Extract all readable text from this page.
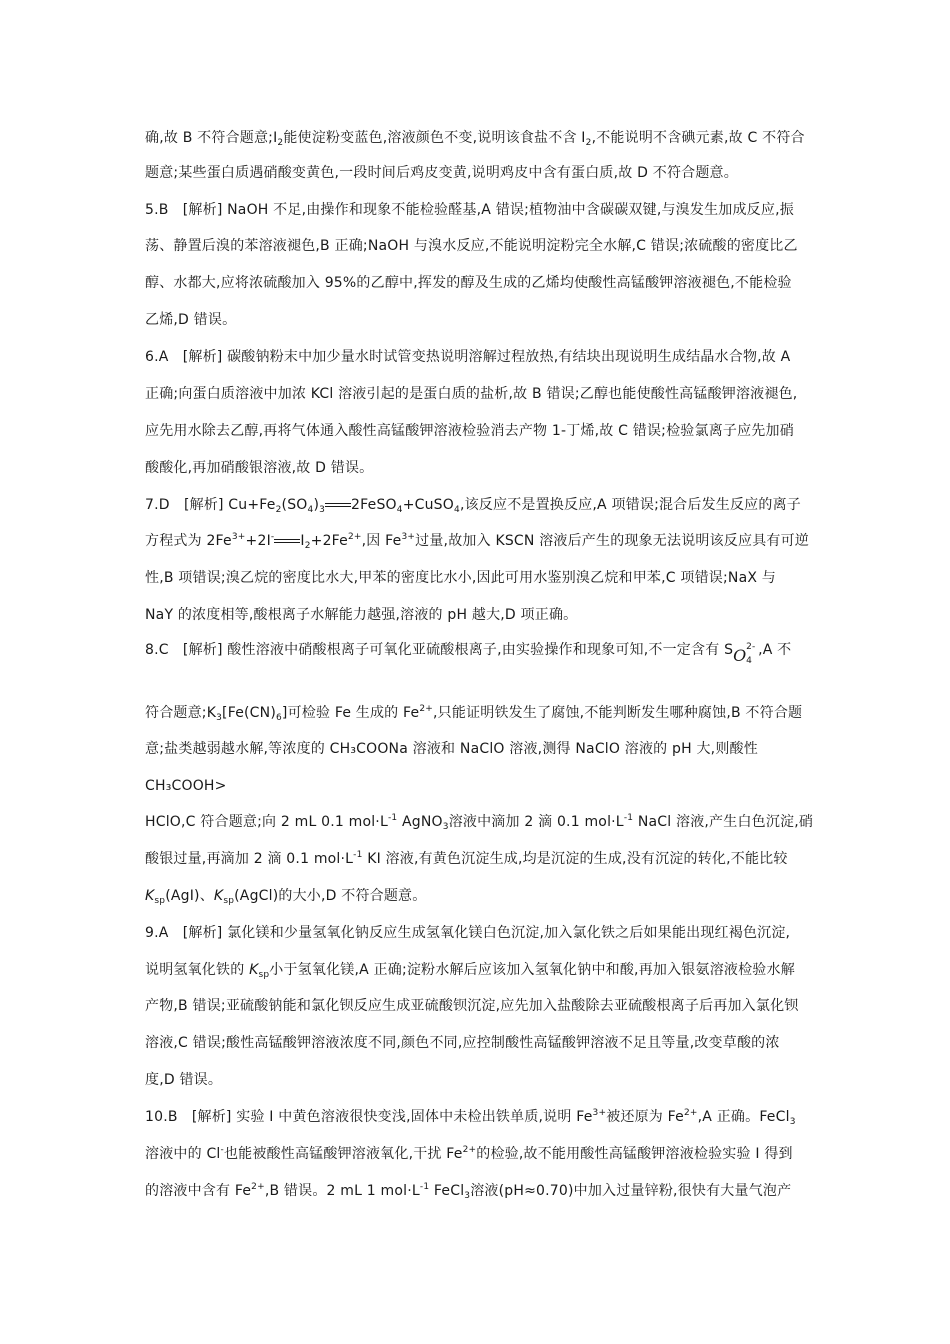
确,故 B 不符合题意$;I_2$能使淀粉变蓝色,溶液颜色不变,说明该食盐不含 $I_2$,不能说明不含碘元素,故 C 不符合
题意;某些蛋白质遇硝酸变黄色,一段时间后鸡皮变黄,说明鸡皮中含有蛋白质,故 D 不符合题意。
5.B　[解析] NaOH 不足,由操作和现象不能检验醛基,A 错误;植物油中含碳碳双键,与溴发生加成反应,振
荡、静置后溴的苯溶液褪色,B 正确;NaOH 与溴水反应,不能说明淀粉完全水解,C 错误;浓硫酸的密度比乙
醇、水都大,应将浓硫酸加入 95%的乙醇中,挥发的醇及生成的乙烯均使酸性高锰酸钾溶液褪色,不能检验
乙烯,D 错误。
6.A　[解析] 碳酸钠粉末中加少量水时试管变热说明溶解过程放热,有结块出现说明生成结晶水合物,故 A
正确;向蛋白质溶液中加浓 KCl 溶液引起的是蛋白质的盐析,故 B 错误;乙醇也能使酸性高锰酸钾溶液褪色,
应先用水除去乙醇,再将气体通入酸性高锰酸钾溶液检验消去产物 1-丁烯,故 C 错误;检验氯离子应先加硝
酸酸化,再加硝酸银溶液,故 D 错误。
7.D　[解析] $Cu+Fe_2(SO_4)_3$ 2FeSO$_4$+CuSO$_4$,该反应不是置换反应,A 项错误;混合后发生反应的离子
方程式为 $2Fe^{3+}+2I^-$ $I_2+2Fe^{2+}$,因 $Fe^{3+}$过量,故加入 KSCN 溶液后产生的现象无法说明该反应具有可逆
性,B 项错误;溴乙烷的密度比水大,甲苯的密度比水小,因此可用水鉴别溴乙烷和甲苯,C 项错误;NaX 与
NaY 的浓度相等,酸根离子水解能力越强,溶液的 pH 越大,D 项正确。
8.C　[解析] 酸性溶液中硝酸根离子可氧化亚硫酸根离子,由实验操作和现象可知,不一定含有 S O 2-
4
,A 不
符合题意$;K_3[Fe(CN)_6]$可检验 Fe 生成的 $Fe^{2+}$,只能证明铁发生了腐蚀,不能判断发生哪种腐蚀,B 不符合题
意;盐类越弱越水解,等浓度的 CH₃COONa 溶液和 NaClO 溶液,测得 NaClO 溶液的 pH 大,则酸性
CH₃COOH>
HClO,C 符合题意;向 2 mL 0.1 $mol\cdot L^{-1}$ AgNO$_3$溶液中滴加 2 滴 0.1 $mol\cdot L^{-1}$ NaCl 溶液,产生白色沉淀,硝
酸银过量,再滴加 2 滴 0.1 $mol\cdot L^{-1}$ KI 溶液,有黄色沉淀生成,均是沉淀的生成,没有沉淀的转化,不能比较
$K_{sp}(AgI)$、$K_{sp}(AgCl)$的大小,D 不符合题意。
9.A　[解析] 氯化镁和少量氢氧化钠反应生成氢氧化镁白色沉淀,加入氯化铁之后如果能出现红褐色沉淀,
说明氢氧化铁的 $K_{sp}$小于氢氧化镁,A 正确;淀粉水解后应该加入氢氧化钠中和酸,再加入银氨溶液检验水解
产物,B 错误;亚硫酸钠能和氯化钡反应生成亚硫酸钡沉淀,应先加入盐酸除去亚硫酸根离子后再加入氯化钡
溶液,C 错误;酸性高锰酸钾溶液浓度不同,颜色不同,应控制酸性高锰酸钾溶液不足且等量,改变草酸的浓
度,D 错误。
10.B　[解析] 实验 I 中黄色溶液很快变浅,固体中未检出铁单质,说明 $Fe^{3+}$被还原为 $Fe^{2+},A$ 正确。FeCl$_3$
溶液中的 Cl-也能被酸性高锰酸钾溶液氧化,干扰 $Fe^{2+}$的检验,故不能用酸性高锰酸钾溶液检验实验 I 得到
的溶液中含有 $Fe^{2+},B$ 错误。2 mL 1 $mol\cdot L^{-1}$ FeCl$_3$溶液(pH≈0.70)中加入过量锌粉,很快有大量气泡产
